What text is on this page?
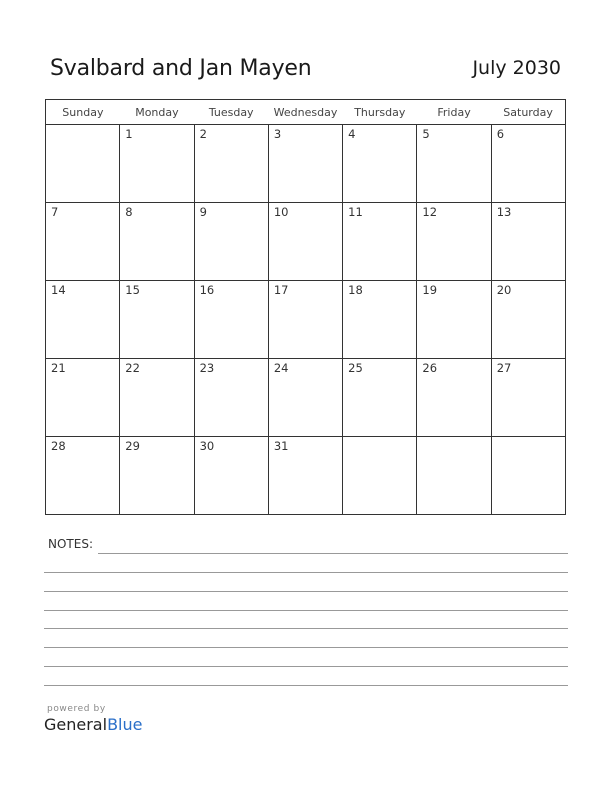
Svalbard and Jan Mayen	July 2030
Sunday	Monday	Tuesday	Wednesday	Thursday	Friday	Saturday

	1	2	3	4	5	6

7	8	9	10	11	12	13

14	15	16	17	18	19	20

21	22	23	24	25	26	27

28	29	30	31			

NOTES:
powered by
GeneralBlue
